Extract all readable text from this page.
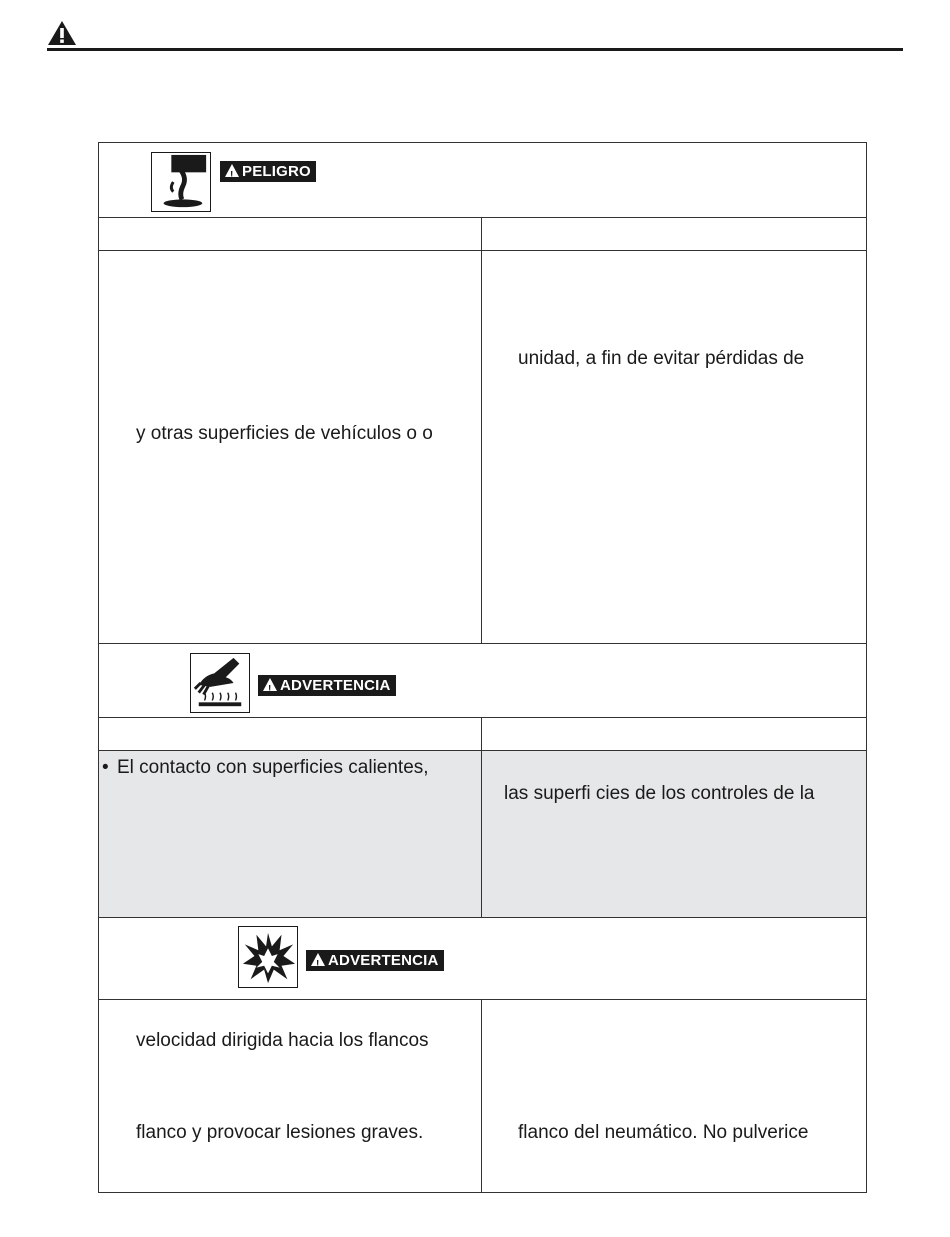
!PELIGRO
y otras superficies de vehículos o o
unidad, a fin de evitar pérdidas de
!ADVERTENCIA
• El contacto con superficies calientes,
las superfi cies de los controles de la
!ADVERTENCIA
velocidad dirigida hacia los flancos
flanco y provocar lesiones graves.	flanco del neumático. No pulverice
